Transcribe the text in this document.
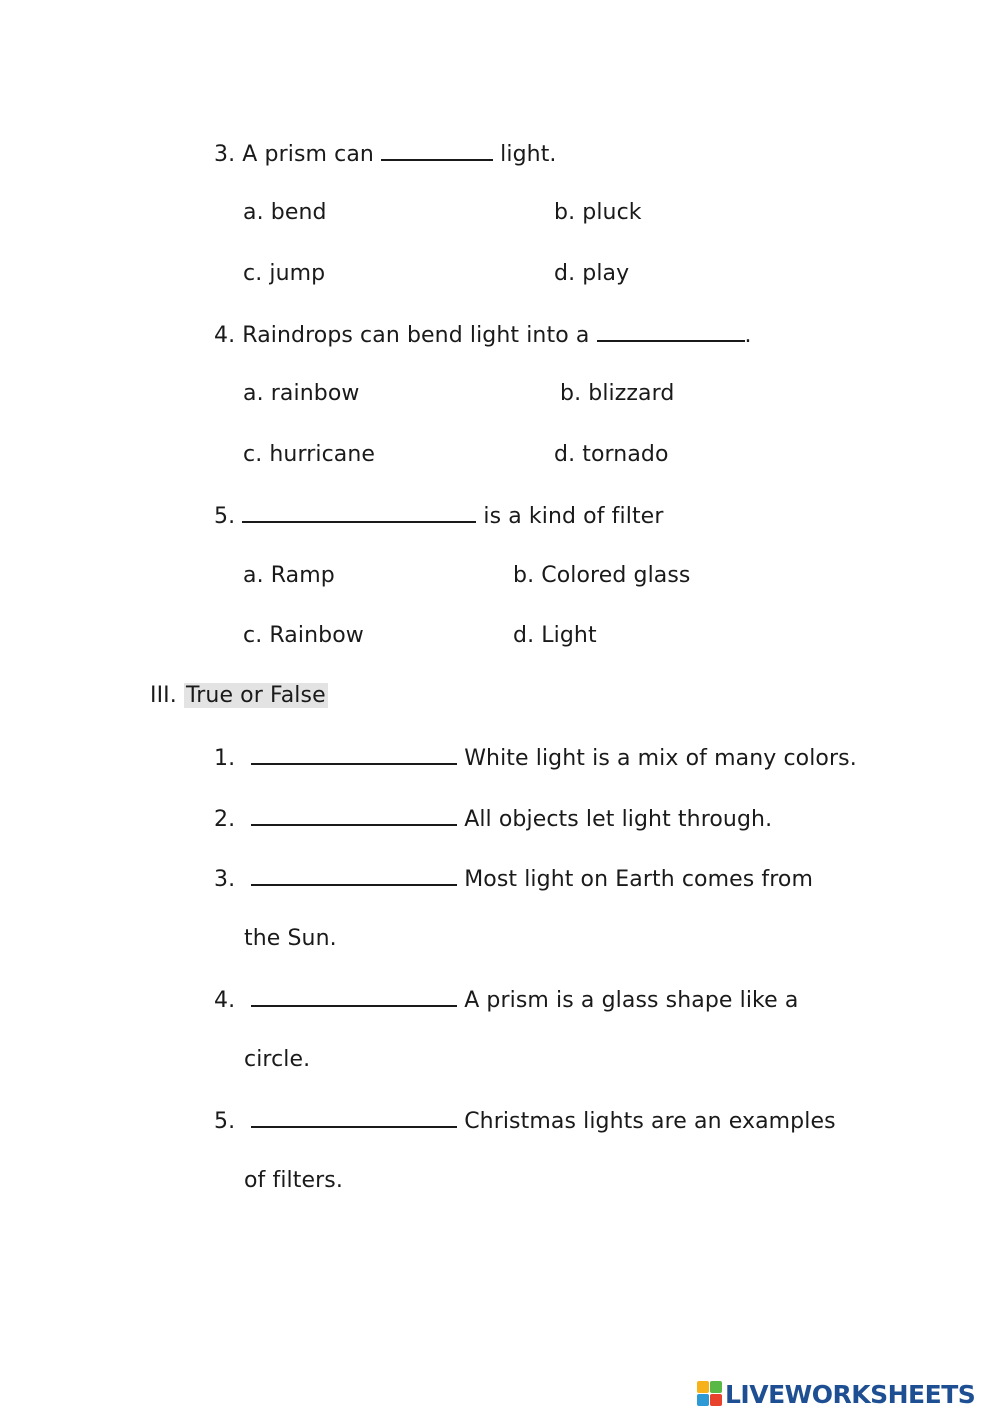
3. A prism can	light.
a. bend	b. pluck
c. jump	d. play
4. Raindrops can bend light into a	.
a. rainbow	b. blizzard
c. hurricane	d. tornado
5.	is a kind of filter
a. Ramp	b. Colored glass
c. Rainbow	d. Light
III. True or False
1.	White light is a mix of many colors.
2.	All objects let light through.
3.	Most light on Earth comes from
the Sun.
4.	A prism is a glass shape like a
circle.
5.	Christmas lights are an examples
of filters.
LIVEWORKSHEETS
